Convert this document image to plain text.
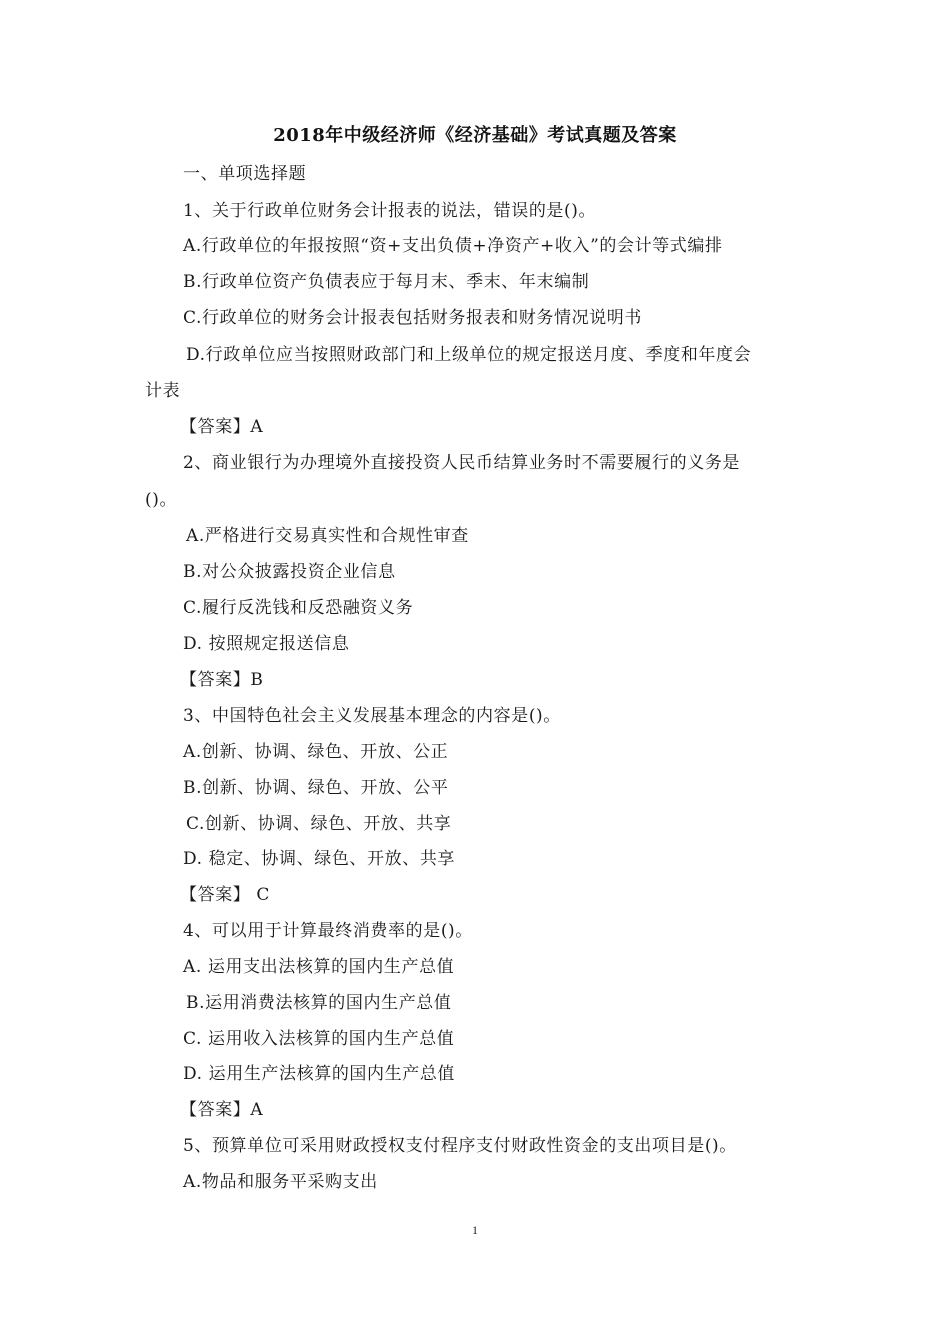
2018年中级经济师《经济基础》考试真题及答案
一、单项选择题
1、关于行政单位财务会计报表的说法，错误的是()。
A.行政单位的年报按照“资+支出负债+净资产+收入”的会计等式编排
B.行政单位资产负债表应于每月末、季末、年末编制
C.行政单位的财务会计报表包括财务报表和财务情况说明书
D.行政单位应当按照财政部门和上级单位的规定报送月度、季度和年度会
计表
【答案】A
2、商业银行为办理境外直接投资人民币结算业务时不需要履行的义务是
()。
A.严格进行交易真实性和合规性审查
B.对公众披露投资企业信息
C.履行反洗钱和反恐融资义务
D. 按照规定报送信息
【答案】B
3、中国特色社会主义发展基本理念的内容是()。
A.创新、协调、绿色、开放、公正
B.创新、协调、绿色、开放、公平
C.创新、协调、绿色、开放、共享
D. 稳定、协调、绿色、开放、共享
【答案】 C
4、可以用于计算最终消费率的是()。
A. 运用支出法核算的国内生产总值
B.运用消费法核算的国内生产总值
C. 运用收入法核算的国内生产总值
D. 运用生产法核算的国内生产总值
【答案】A
5、预算单位可采用财政授权支付程序支付财政性资金的支出项目是()。
A.物品和服务平采购支出
1
